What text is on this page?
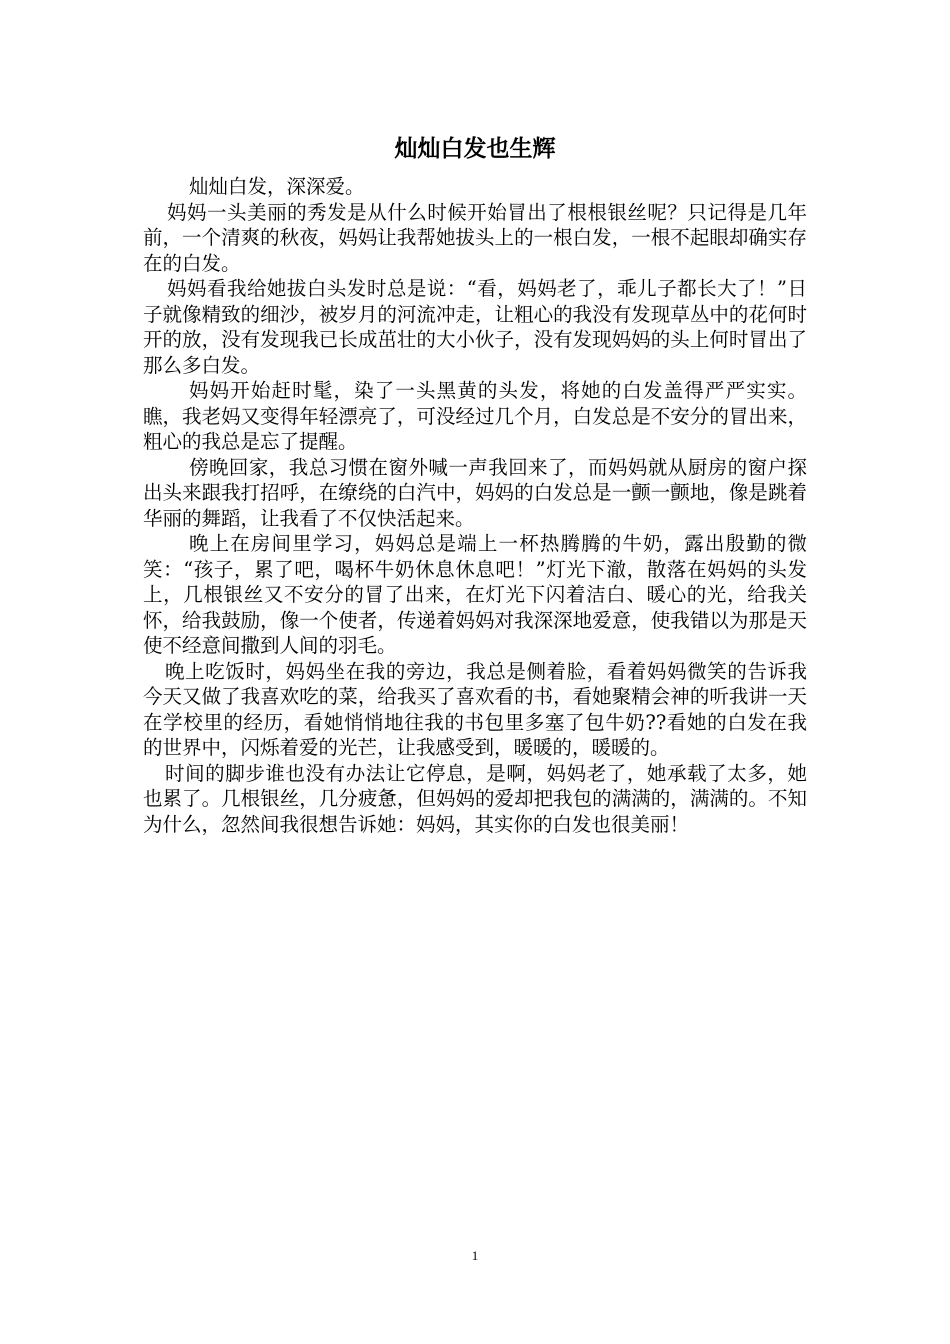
灿灿白发也生辉

灿灿白发，深深爱。

妈妈一头美丽的秀发是从什么时候开始冒出了根根银丝呢？只记得是几年前，一个清爽的秋夜，妈妈让我帮她拔头上的一根白发，一根不起眼却确实存在的白发。

妈妈看我给她拔白头发时总是说：“看，妈妈老了，乖儿子都长大了！”日子就像精致的细沙，被岁月的河流冲走，让粗心的我没有发现草丛中的花何时开的放，没有发现我已长成茁壮的大小伙子，没有发现妈妈的头上何时冒出了那么多白发。

妈妈开始赶时髦，染了一头黑黄的头发，将她的白发盖得严严实实。瞧，我老妈又变得年轻漂亮了，可没经过几个月，白发总是不安分的冒出来，粗心的我总是忘了提醒。

傍晚回家，我总习惯在窗外喊一声我回来了，而妈妈就从厨房的窗户探出头来跟我打招呼，在缭绕的白汽中，妈妈的白发总是一颤一颤地，像是跳着华丽的舞蹈，让我看了不仅快活起来。

晚上在房间里学习，妈妈总是端上一杯热腾腾的牛奶，露出殷勤的微笑：“孩子，累了吧，喝杯牛奶休息休息吧！”灯光下澈，散落在妈妈的头发上，几根银丝又不安分的冒了出来，在灯光下闪着洁白、暖心的光，给我关怀，给我鼓励，像一个使者，传递着妈妈对我深深地爱意，使我错以为那是天使不经意间撒到人间的羽毛。

晚上吃饭时，妈妈坐在我的旁边，我总是侧着脸，看着妈妈微笑的告诉我今天又做了我喜欢吃的菜，给我买了喜欢看的书，看她聚精会神的听我讲一天在学校里的经历，看她悄悄地往我的书包里多塞了包牛奶??看她的白发在我的世界中，闪烁着爱的光芒，让我感受到，暖暖的，暖暖的。

时间的脚步谁也没有办法让它停息，是啊，妈妈老了，她承载了太多，她也累了。几根银丝，几分疲惫，但妈妈的爱却把我包的满满的，满满的。不知为什么，忽然间我很想告诉她：妈妈，其实你的白发也很美丽！

1
